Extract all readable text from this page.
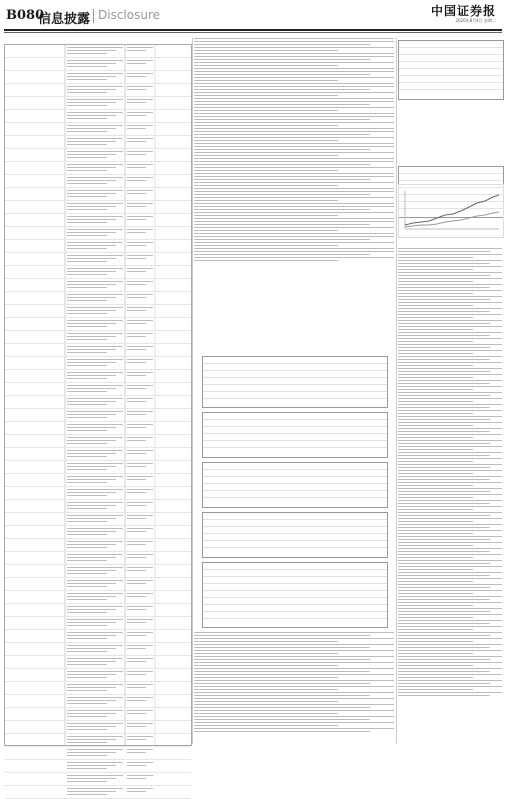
B080
信息披露 Disclosure	中国证券报
2020年8月4日 星期二
